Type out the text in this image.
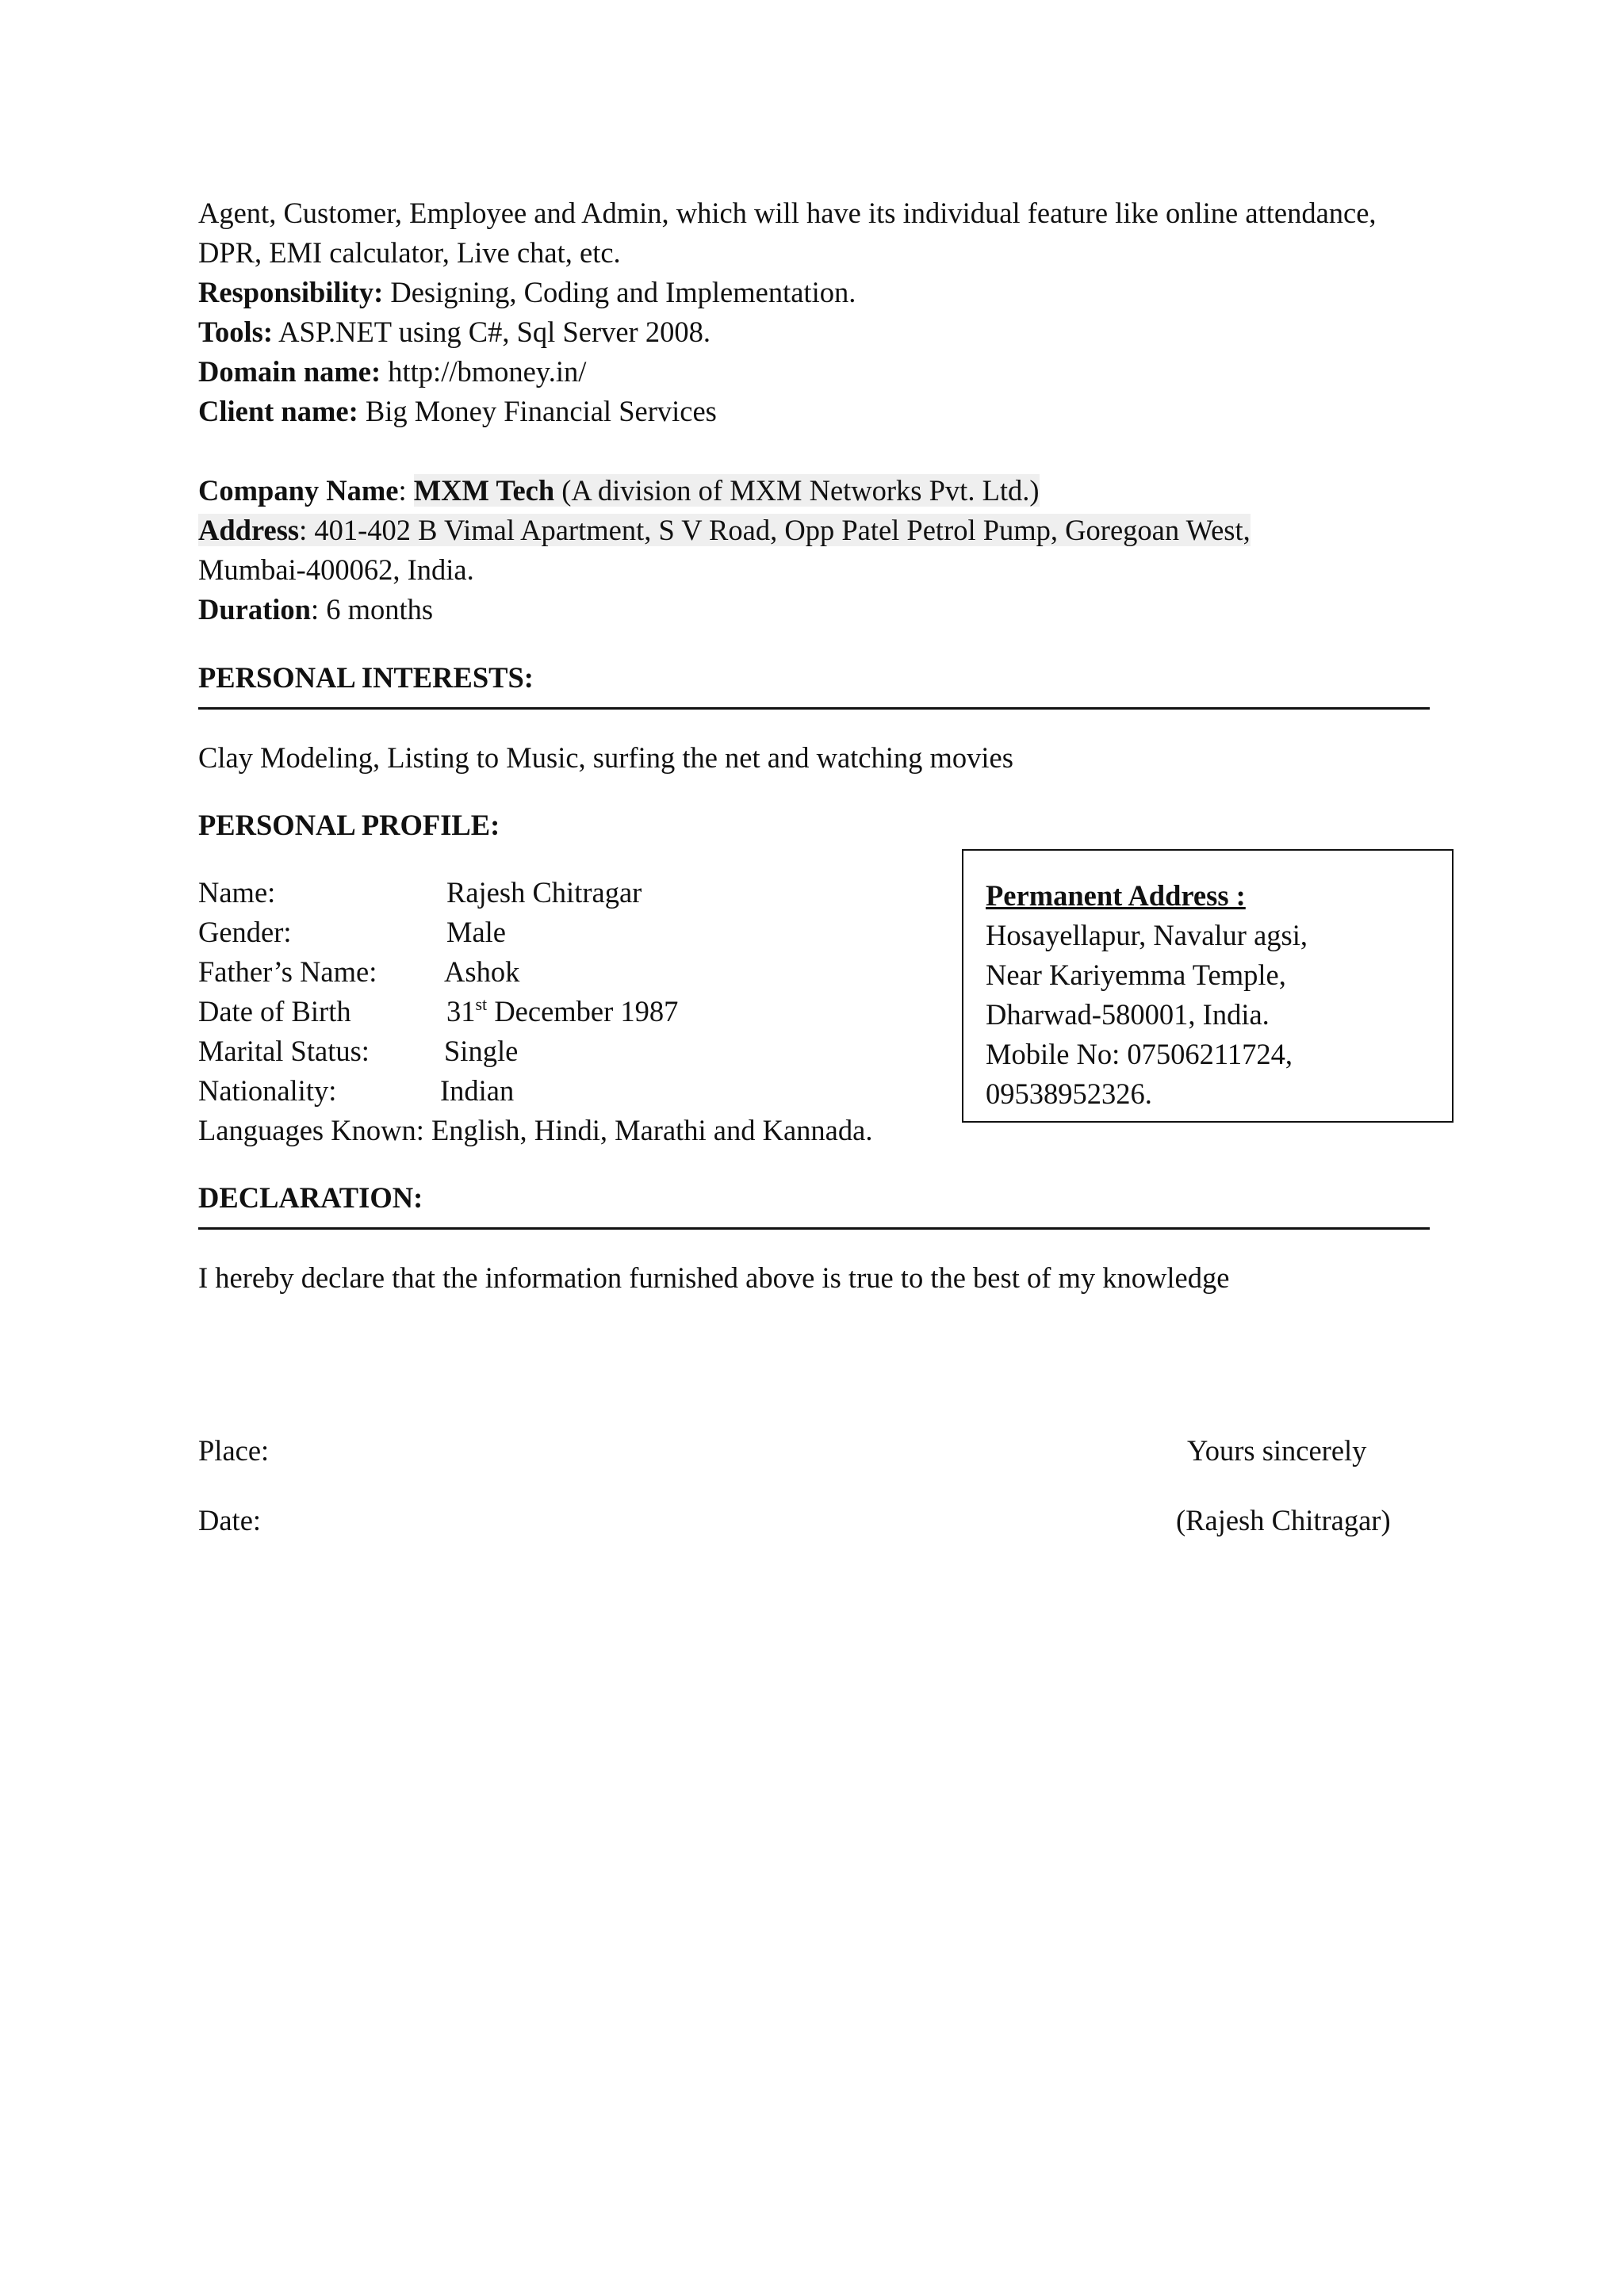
Agent, Customer, Employee and Admin, which will have its individual feature like online attendance,
DPR, EMI calculator, Live chat, etc.
Responsibility: Designing, Coding and Implementation.
Tools: ASP.NET using C#, Sql Server 2008.
Domain name: http://bmoney.in/
Client name: Big Money Financial Services
Company Name: MXM Tech (A division of MXM Networks Pvt. Ltd.)
Address: 401-402 B Vimal Apartment, S V Road, Opp Patel Petrol Pump, Goregoan West,
Mumbai-400062, India.
Duration: 6 months
PERSONAL INTERESTS:
Clay Modeling, Listing to Music, surfing the net and watching movies
PERSONAL PROFILE:
Name:	Rajesh Chitragar
Gender:	Male
Father’s Name: Ashok
Date of Birth	31st December 1987
Marital Status:	Single
Nationality:	Indian
Languages Known: English, Hindi, Marathi and Kannada.
Permanent Address :
Hosayellapur, Navalur agsi,
Near Kariyemma Temple,
Dharwad-580001, India.
Mobile No: 07506211724,
09538952326.
DECLARATION:
I hereby declare that the information furnished above is true to the best of my knowledge
Place:	Yours sincerely
Date:	(Rajesh Chitragar)
